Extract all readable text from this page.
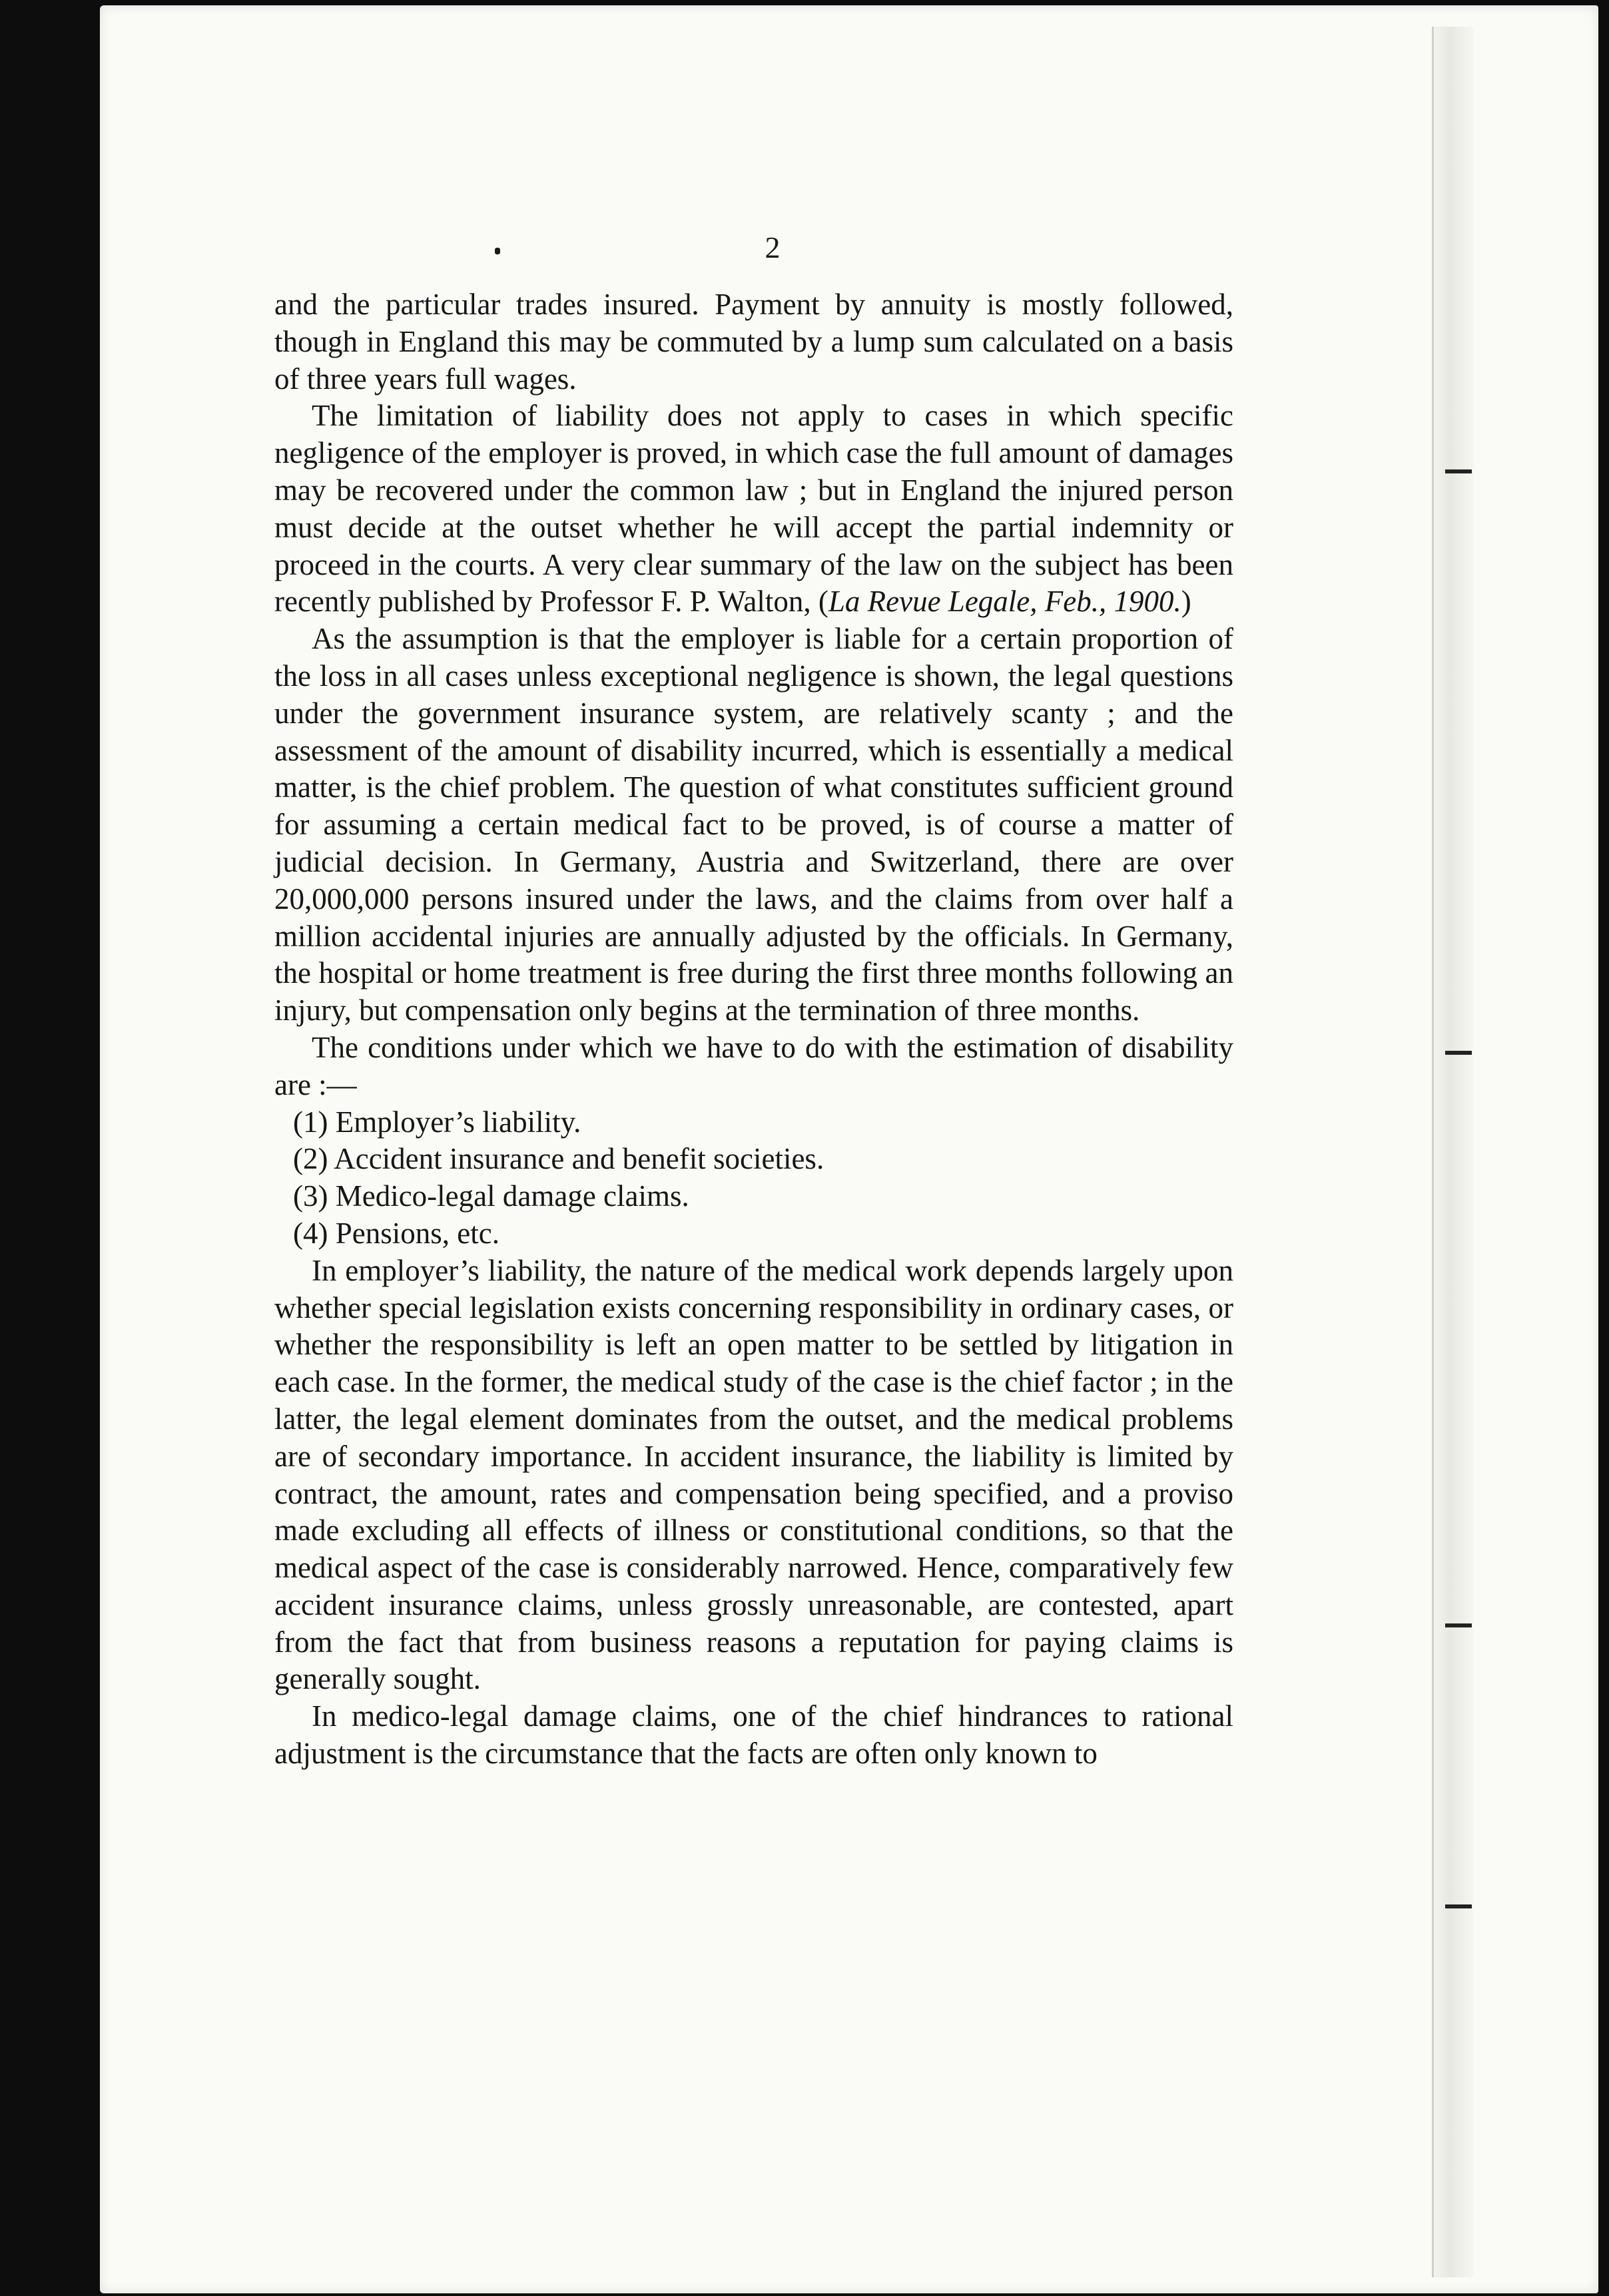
2

and the particular trades insured. Payment by annuity is mostly followed, though in England this may be commuted by a lump sum calculated on a basis of three years full wages.

The limitation of liability does not apply to cases in which specific negligence of the employer is proved, in which case the full amount of damages may be recovered under the common law ; but in England the injured person must decide at the outset whether he will accept the partial indemnity or proceed in the courts. A very clear summary of the law on the subject has been recently published by Professor F. P. Walton, (La Revue Legale, Feb., 1900.)

As the assumption is that the employer is liable for a certain proportion of the loss in all cases unless exceptional negligence is shown, the legal questions under the government insurance system, are relatively scanty ; and the assessment of the amount of disability incurred, which is essentially a medical matter, is the chief problem. The question of what constitutes sufficient ground for assuming a certain medical fact to be proved, is of course a matter of judicial decision. In Germany, Austria and Switzerland, there are over 20,000,000 persons insured under the laws, and the claims from over half a million accidental injuries are annually adjusted by the officials. In Germany, the hospital or home treatment is free during the first three months following an injury, but compensation only begins at the termination of three months.

The conditions under which we have to do with the estimation of disability are :—

(1) Employer’s liability.

(2) Accident insurance and benefit societies.

(3) Medico-legal damage claims.

(4) Pensions, etc.

In employer’s liability, the nature of the medical work depends largely upon whether special legislation exists concerning responsibility in ordinary cases, or whether the responsibility is left an open matter to be settled by litigation in each case. In the former, the medical study of the case is the chief factor ; in the latter, the legal element dominates from the outset, and the medical problems are of secondary importance. In accident insurance, the liability is limited by contract, the amount, rates and compensation being specified, and a proviso made excluding all effects of illness or constitutional conditions, so that the medical aspect of the case is considerably narrowed. Hence, comparatively few accident insurance claims, unless grossly unreasonable, are contested, apart from the fact that from business reasons a reputation for paying claims is generally sought.

In medico-legal damage claims, one of the chief hindrances to rational adjustment is the circumstance that the facts are often only known to
